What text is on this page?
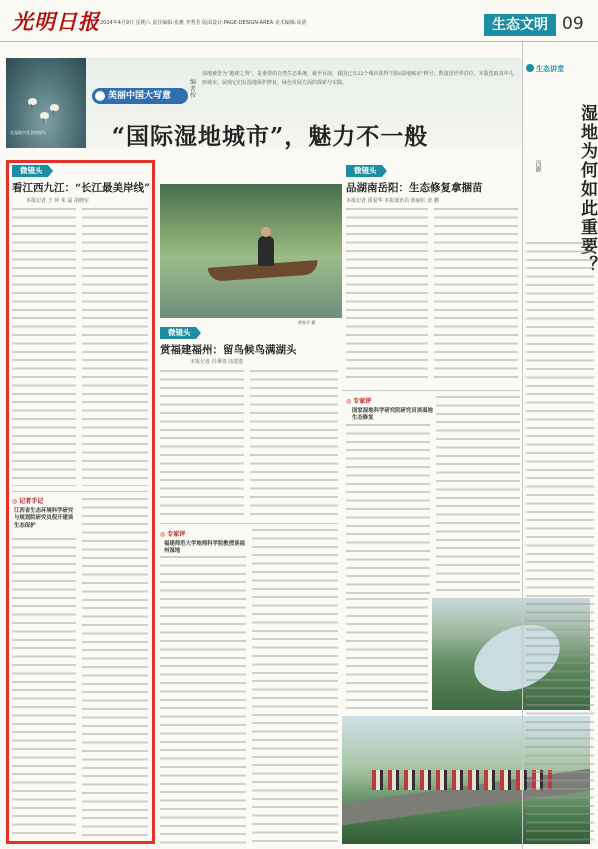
光明日报 2024年4月9日 星期六 责任编辑:张雅 李秀芳 版面设计:PAGE-DESIGN-AREA 美术编辑:高倩	生态文明 09
在湿地中觅食的候鸟
美丽中国大写意
编者按
湿地被誉为“地球之肾”，是重要的自然生态系统。截至目前，我国已有22个城市获得“国际湿地城市”称号，数量居世界首位。本版选取其中几座城市，展现它们在湿地保护修复、绿色发展方面的探索与实践。
“国际湿地城市”，魅力不一般
微镜头
看江西九江：“长江最美岸线”
本报记者 王 萍 朱 磊 胡晓军
◎ 记者手记
江西省生态环境科学研究与规划院研究员倪开建谈生态保护
黄家平 摄
微镜头
品湖南岳阳：生态修复拿捆苗
本报记者 禹爱华 本报通讯员 陈丽红 张 鹏
微镜头
赏福建福州：留鸟候鸟满湖头
本报记者 冯秉夷 高建进
◎ 专家评
国家湿地科学研究院研究员谈湿地生态修复
◎ 专家评
福建师范大学地理科学院教授谈福州湿地
生态讲堂
湿地为何如此重要？
冯源
